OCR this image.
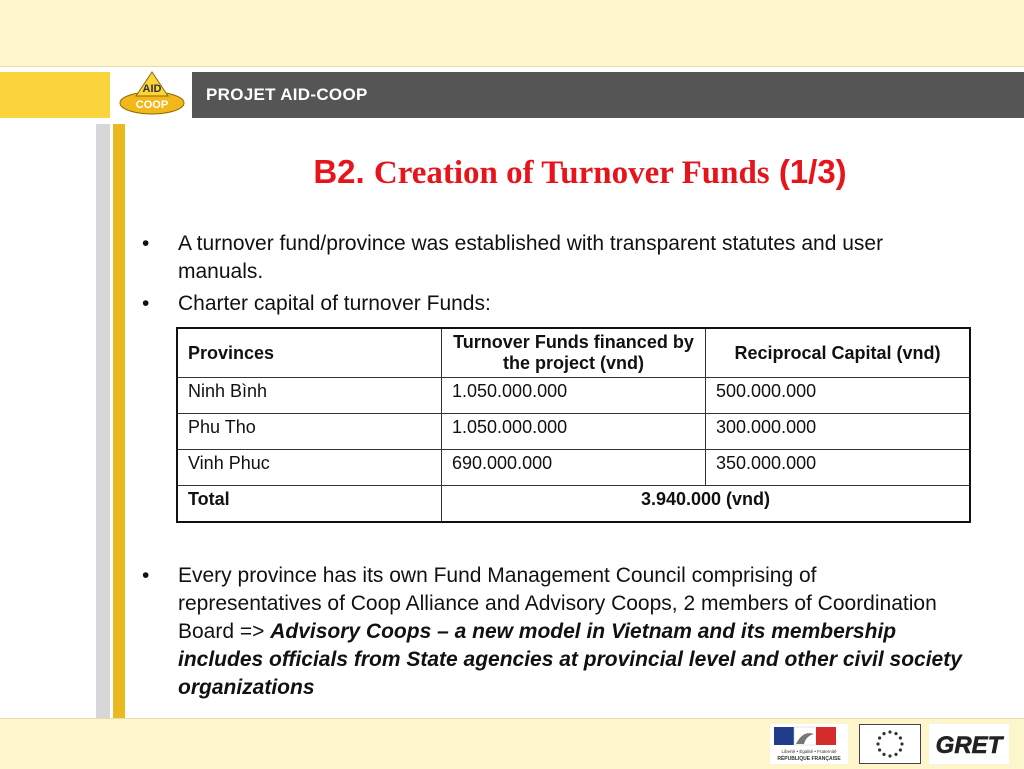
AID
COOP
PROJET AID-COOP
B2. Creation of Turnover Funds (1/3)
• A turnover fund/province was established with transparent statutes and user manuals.
• Charter capital of turnover Funds:
Provinces	Turnover Funds financed by the project (vnd)	Reciprocal Capital (vnd)
Ninh Bình	1.050.000.000	500.000.000
Phu Tho	1.050.000.000	300.000.000
Vinh Phuc	690.000.000	350.000.000
Total	3.940.000 (vnd)	
• Every province has its own Fund Management Council comprising of representatives of Coop Alliance and Advisory Coops, 2 members of Coordination Board => Advisory Coops – a new model in Vietnam and its membership includes officials from State agencies at provincial level and other civil society organizations
Liberté • Égalité • Fraternité
RÉPUBLIQUE FRANÇAISE	GRET
